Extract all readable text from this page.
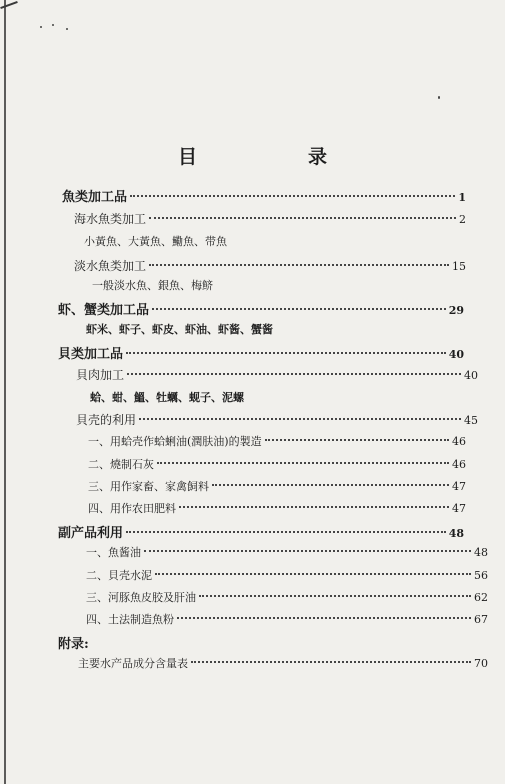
目　录
魚类加工品	1
海水魚类加工	2
小黃魚、大黃魚、鰳魚、带魚
淡水魚类加工	15
一般淡水魚、銀魚、梅鲚
虾、蟹类加工品	29
虾米、虾子、虾皮、虾油、虾酱、蟹酱
貝类加工品	40
貝肉加工	40
蛤、蚶、鰮、牡蠣、蚬子、泥螺
貝壳的利用	45
一、用蛤壳作蛤蜊油(潤肤油)的製造	46
二、燒制石灰	46
三、用作家畜、家禽飼料	47
四、用作农田肥料	47
副产品利用	48
一、魚酱油	48
二、貝壳水泥	56
三、河豚魚皮胶及肝油	62
四、土法制造魚粉	67
附录:
主要水产品成分含量表	70
